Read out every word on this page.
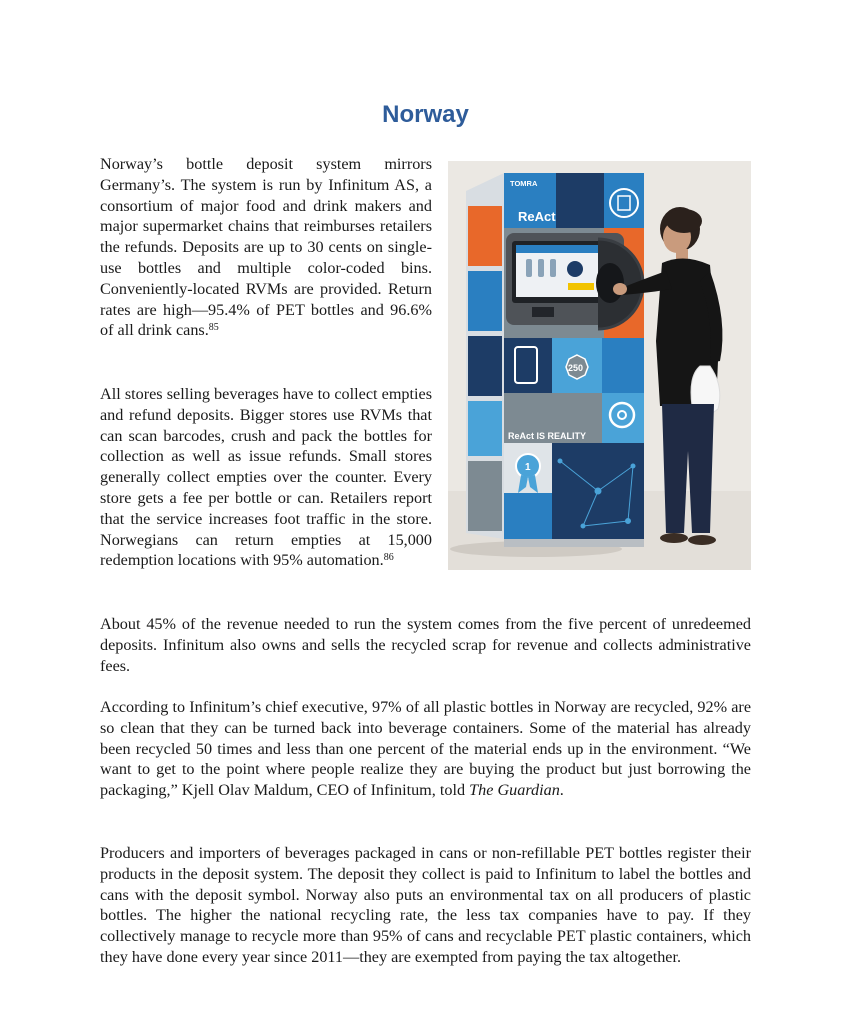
Norway

Norway’s bottle deposit system mirrors Germany’s. The system is run by Infinitum AS, a consortium of major food and drink makers and major supermarket chains that reimburses retailers the refunds. Deposits are up to 30 cents on single-use bottles and multiple color-coded bins. Conveniently-located RVMs are provided. Return rates are high—95.4% of PET bottles and 96.6% of all drink cans.$^{85}$

All stores selling beverages have to collect empties and refund deposits. Bigger stores use RVMs that can scan barcodes, crush and pack the bottles for collection as well as issue refunds. Small stores generally collect empties over the counter. Every store gets a fee per bottle or can. Retailers report that the service increases foot traffic in the store. Norwegians can return empties at 15,000 redemption locations with 95% automation.$^{86}$

TOMRA
ReAct
250
ReAct IS REALITY
1

About 45% of the revenue needed to run the system comes from the five percent of unredeemed deposits. Infinitum also owns and sells the recycled scrap for revenue and collects administrative fees.

According to Infinitum’s chief executive, 97% of all plastic bottles in Norway are recycled, 92% are so clean that they can be turned back into beverage containers. Some of the material has already been recycled 50 times and less than one percent of the material ends up in the environment. “We want to get to the point where people realize they are buying the product but just borrowing the packaging,” Kjell Olav Maldum, CEO of Infinitum, told The Guardian.

Producers and importers of beverages packaged in cans or non-refillable PET bottles register their products in the deposit system. The deposit they collect is paid to Infinitum to label the bottles and cans with the deposit symbol. Norway also puts an environmental tax on all producers of plastic bottles. The higher the national recycling rate, the less tax companies have to pay. If they collectively manage to recycle more than 95% of cans and recyclable PET plastic containers, which they have done every year since 2011—they are exempted from paying the tax altogether.
